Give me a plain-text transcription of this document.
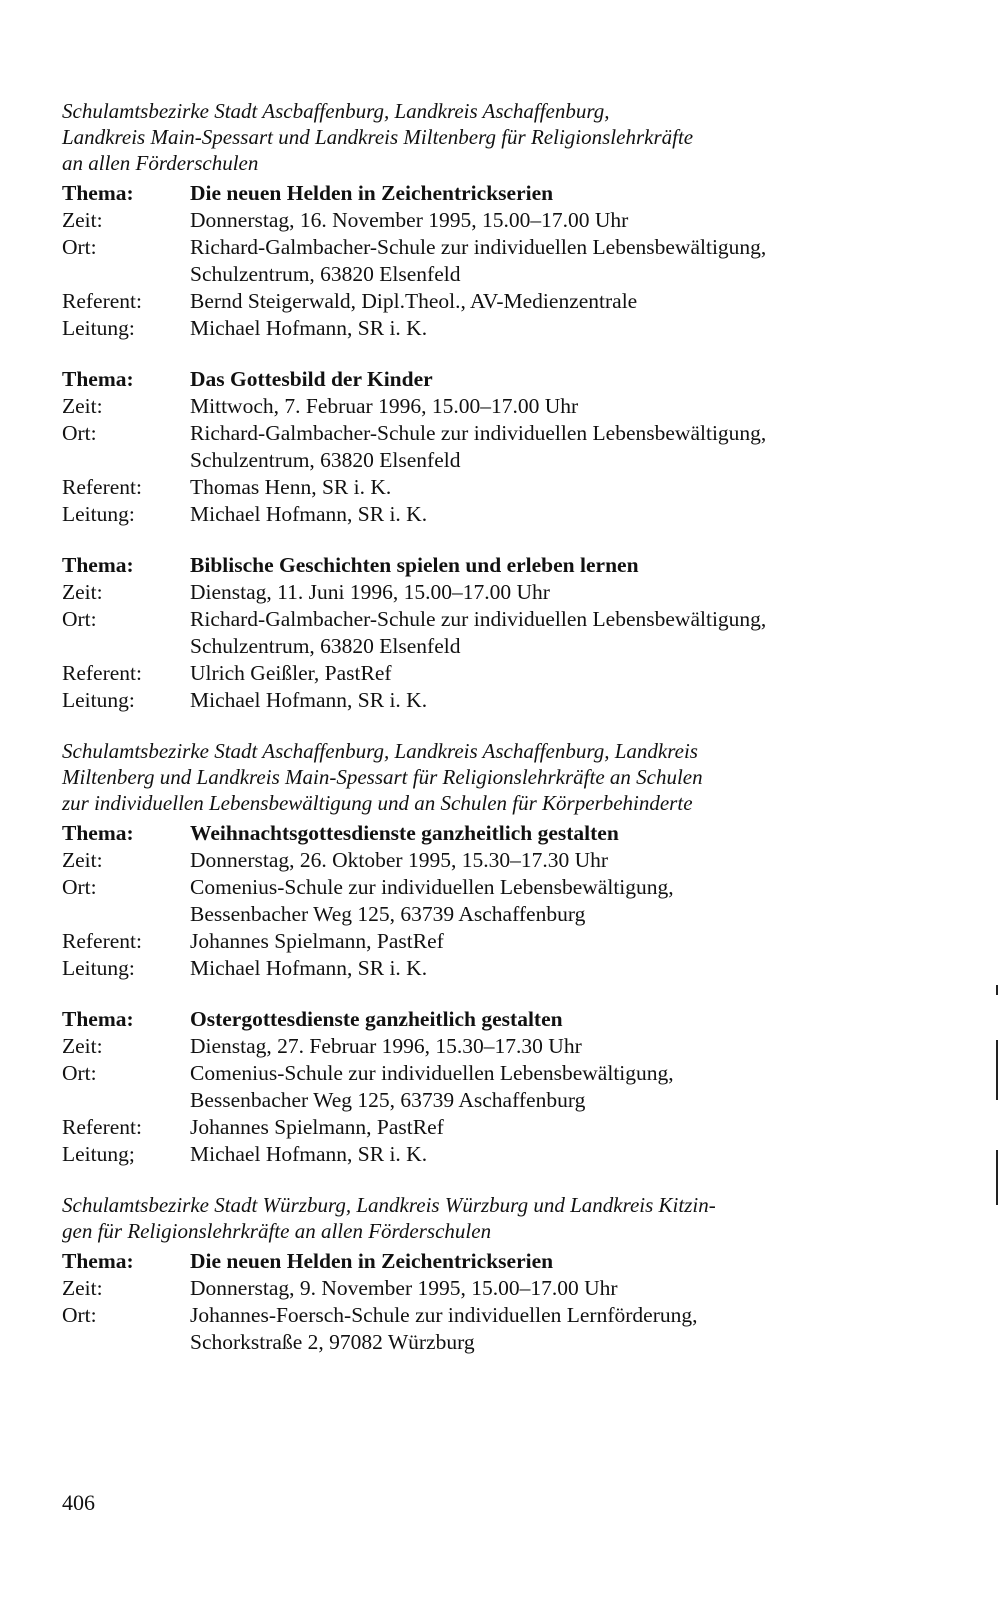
Schulamtsbezirke Stadt Ascbaffenburg, Landkreis Aschaffenburg,
Landkreis Main-Spessart und Landkreis Miltenberg für Religionslehrkräfte
an allen Förderschulen
Thema:	Die neuen Helden in Zeichentrickserien
Zeit:	Donnerstag, 16. November 1995, 15.00–17.00 Uhr
Ort:	Richard-Galmbacher-Schule zur individuellen Lebensbewältigung,
Schulzentrum, 63820 Elsenfeld
Referent:	Bernd Steigerwald, Dipl.Theol., AV-Medienzentrale
Leitung:	Michael Hofmann, SR i. K.
Thema:	Das Gottesbild der Kinder
Zeit:	Mittwoch, 7. Februar 1996, 15.00–17.00 Uhr
Ort:	Richard-Galmbacher-Schule zur individuellen Lebensbewältigung,
Schulzentrum, 63820 Elsenfeld
Referent:	Thomas Henn, SR i. K.
Leitung:	Michael Hofmann, SR i. K.
Thema:	Biblische Geschichten spielen und erleben lernen
Zeit:	Dienstag, 11. Juni 1996, 15.00–17.00 Uhr
Ort:	Richard-Galmbacher-Schule zur individuellen Lebensbewältigung,
Schulzentrum, 63820 Elsenfeld
Referent:	Ulrich Geißler, PastRef
Leitung:	Michael Hofmann, SR i. K.
Schulamtsbezirke Stadt Aschaffenburg, Landkreis Aschaffenburg, Landkreis
Miltenberg und Landkreis Main-Spessart für Religionslehrkräfte an Schulen
zur individuellen Lebensbewältigung und an Schulen für Körperbehinderte
Thema:	Weihnachtsgottesdienste ganzheitlich gestalten
Zeit:	Donnerstag, 26. Oktober 1995, 15.30–17.30 Uhr
Ort:	Comenius-Schule zur individuellen Lebensbewältigung,
Bessenbacher Weg 125, 63739 Aschaffenburg
Referent:	Johannes Spielmann, PastRef
Leitung:	Michael Hofmann, SR i. K.
Thema:	Ostergottesdienste ganzheitlich gestalten
Zeit:	Dienstag, 27. Februar 1996, 15.30–17.30 Uhr
Ort:	Comenius-Schule zur individuellen Lebensbewältigung,
Bessenbacher Weg 125, 63739 Aschaffenburg
Referent:	Johannes Spielmann, PastRef
Leitung;	Michael Hofmann, SR i. K.
Schulamtsbezirke Stadt Würzburg, Landkreis Würzburg und Landkreis Kitzin-
gen für Religionslehrkräfte an allen Förderschulen
Thema:	Die neuen Helden in Zeichentrickserien
Zeit:	Donnerstag, 9. November 1995, 15.00–17.00 Uhr
Ort:	Johannes-Foersch-Schule zur individuellen Lernförderung,
Schorkstraße 2, 97082 Würzburg
406
